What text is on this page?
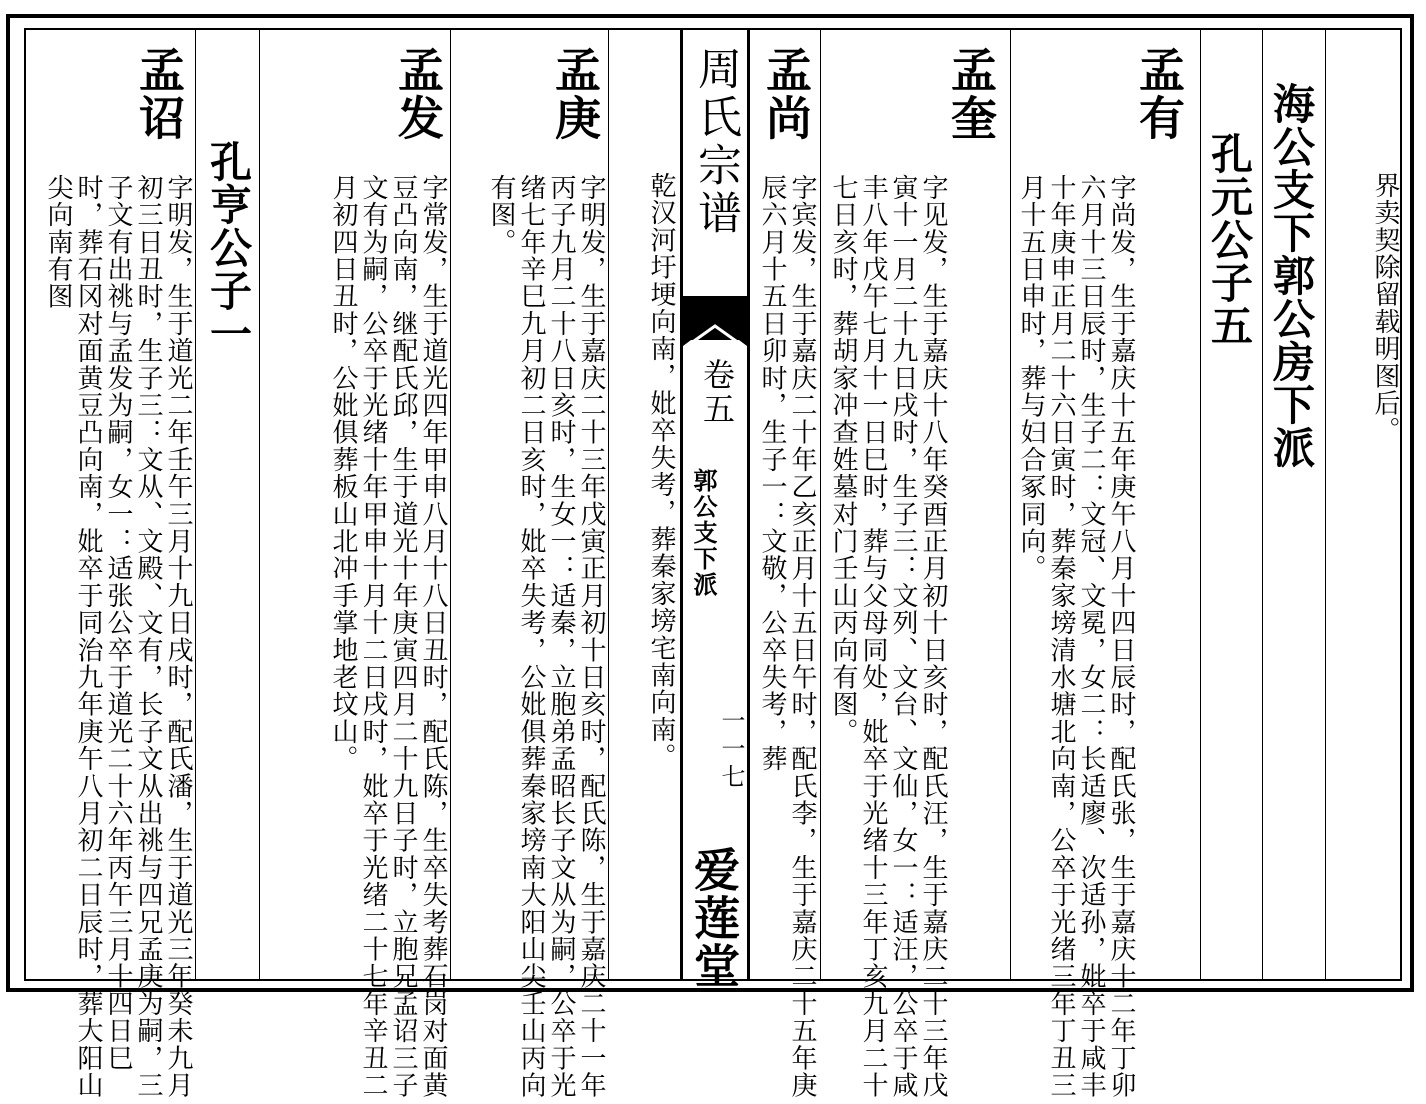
界卖契除留载明图后。
海公支下郭公房下派
孔元公子五
孟有
字尚发，生于嘉庆十五年庚午八月十四日辰时，配氏张，生于嘉庆十二年丁卯六月十三日辰时，生子二：文冠、文冕，女二：长适廖、次适孙，妣卒于咸丰十年庚申正月二十六日寅时，葬秦家塝清水塘北向南，公卒于光绪三年丁丑三月十五日申时，葬与妇合冢同向。
孟奎
字见发，生于嘉庆十八年癸酉正月初十日亥时，配氏汪，生于嘉庆二十三年戊寅十一月二十九日戌时，生子三：文列、文台、文仙，女一：适汪，公卒于咸丰八年戊午七月十一日巳时，葬与父母同处，妣卒于光绪十三年丁亥九月二十七日亥时，葬胡家冲查姓墓对门壬山丙向有图。
孟尚
字宾发，生于嘉庆二十年乙亥正月十五日午时，配氏李，生于嘉庆二十五年庚辰六月十五日卯时，生子一：文敬，公卒失考，葬
周氏宗谱
卷五
郭公支下派
一一七
爱莲堂
乾汉河圩埂向南，妣卒失考，葬秦家塝宅南向南。
孟庚
字明发，生于嘉庆二十三年戊寅正月初十日亥时，配氏陈，生于嘉庆二十一年丙子九月二十八日亥时，生女一：适秦，立胞弟孟昭长子文从为嗣，公卒于光绪七年辛巳九月初二日亥时，妣卒失考，公妣俱葬秦家塝南大阳山尖壬山丙向有图。
孟发
字常发，生于道光四年甲申八月十八日丑时，配氏陈，生卒失考葬石岗对面黄豆凸向南，继配氏邱，生于道光十年庚寅四月二十九日子时，立胞兄孟诏三子文有为嗣，公卒于光绪十年甲申十月十二日戌时，妣卒于光绪二十七年辛丑二月初四日丑时，公妣俱葬板山北冲手掌地老坟山。
孔亨公子一
孟诏
字明发，生于道光二年壬午三月十九日戌时，配氏潘，生于道光三年癸未九月初三日丑时，生子三：文从、文殿、文有，长子文从出祧与四兄孟庚为嗣，三子文有出祧与孟发为嗣，女一：适张公卒于道光二十六年丙午三月十四日巳时，葬石冈对面黄豆凸向南，妣卒于同治九年庚午八月初二日辰时，葬大阳山尖向南有图
